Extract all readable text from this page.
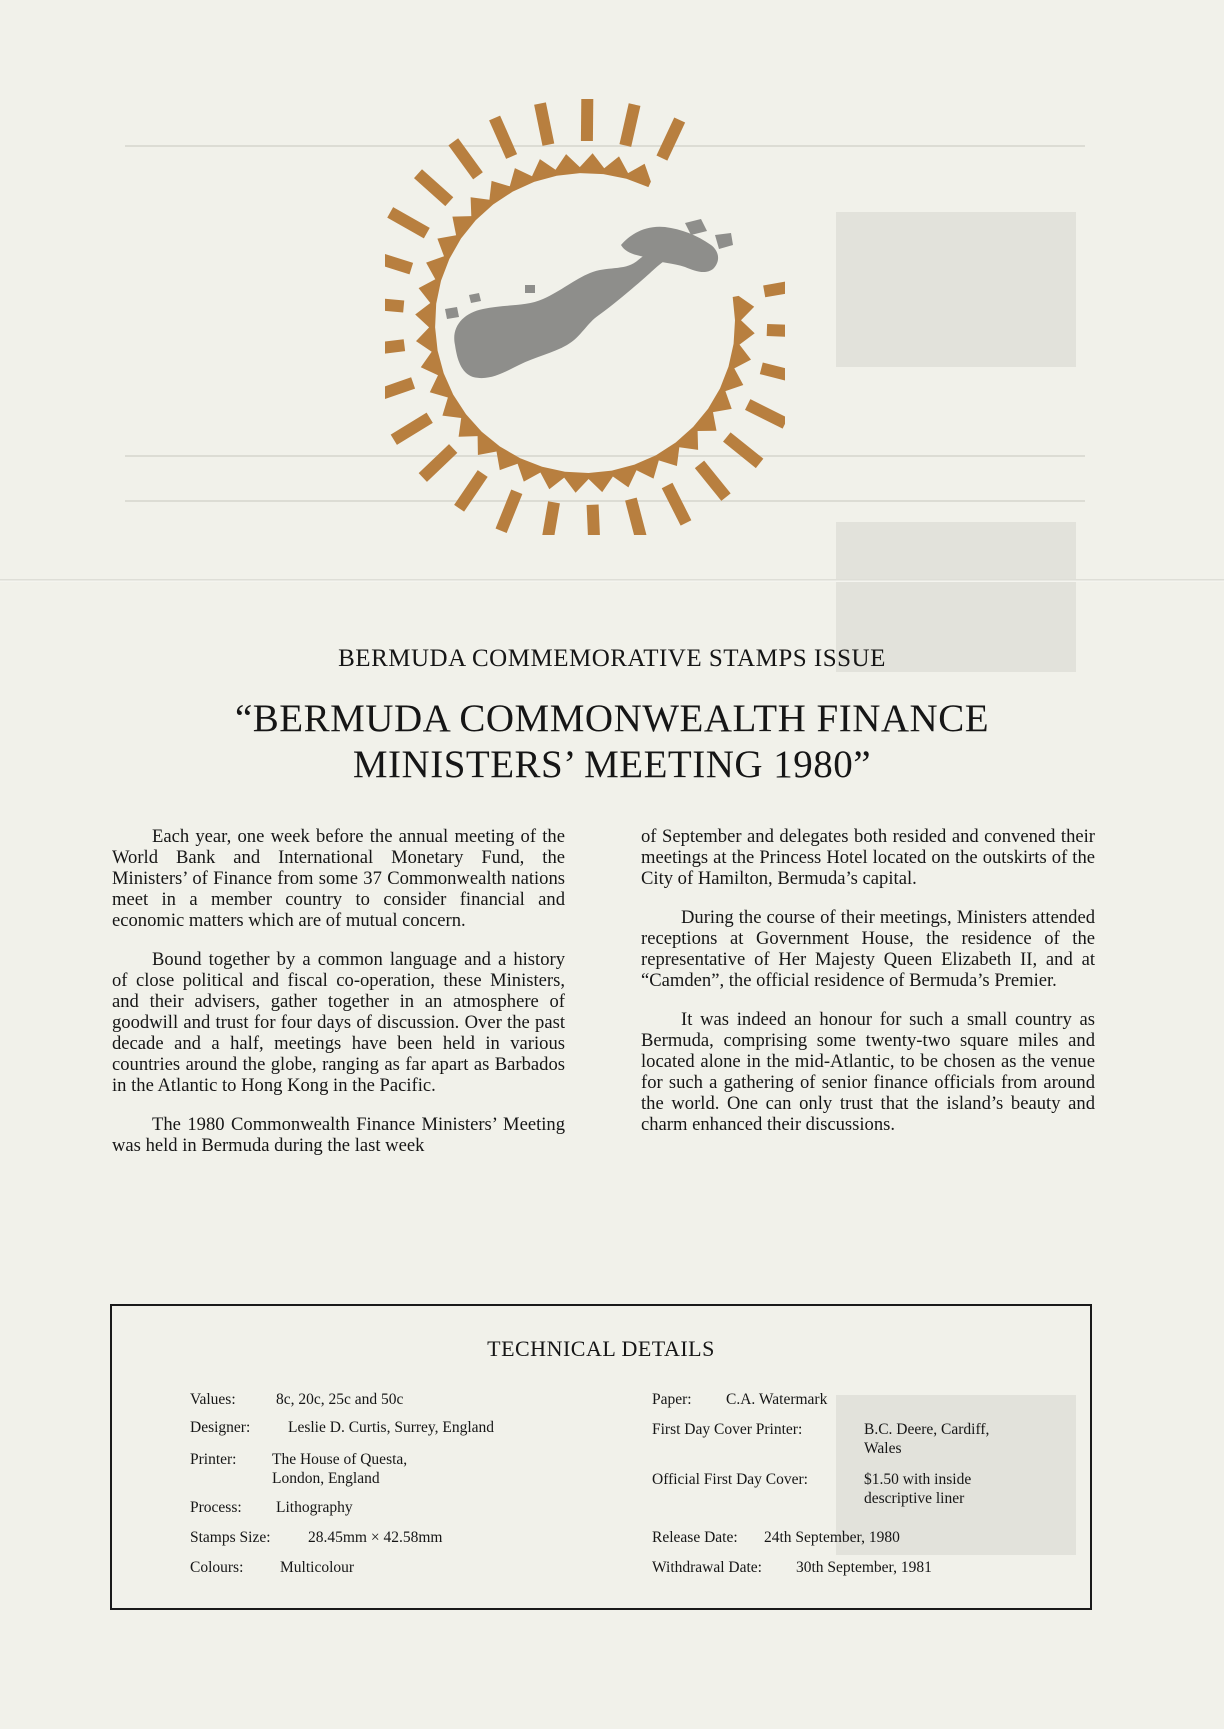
BERMUDA COMMEMORATIVE STAMPS ISSUE
“BERMUDA COMMONWEALTH FINANCE
MINISTERS’ MEETING 1980”

Each year, one week before the annual meeting of the World Bank and International Monetary Fund, the Ministers’ of Finance from some 37 Commonwealth nations meet in a member country to consider financial and economic matters which are of mutual concern.

Bound together by a common language and a history of close political and fiscal co-operation, these Ministers, and their advisers, gather together in an atmosphere of goodwill and trust for four days of discussion. Over the past decade and a half, meetings have been held in various countries around the globe, ranging as far apart as Barbados in the Atlantic to Hong Kong in the Pacific.

The 1980 Commonwealth Finance Ministers’ Meeting was held in Bermuda during the last week

of September and delegates both resided and convened their meetings at the Princess Hotel located on the outskirts of the City of Hamilton, Bermuda’s capital.

During the course of their meetings, Ministers attended receptions at Government House, the residence of the representative of Her Majesty Queen Elizabeth II, and at “Camden”, the official residence of Bermuda’s Premier.

It was indeed an honour for such a small country as Bermuda, comprising some twenty-two square miles and located alone in the mid-Atlantic, to be chosen as the venue for such a gathering of senior finance officials from around the world. One can only trust that the island’s beauty and charm enhanced their discussions.

TECHNICAL DETAILS
Values:	8c, 20c, 25c and 50c
Designer: Leslie D. Curtis, Surrey, England
Printer: The House of Questa,
London, England
Process: Lithography
Stamps Size: 28.45mm × 42.58mm
Colours: Multicolour
Paper: C.A. Watermark
First Day Cover Printer:	B.C. Deere, Cardiff,
Wales
Official First Day Cover:	$1.50 with inside
descriptive liner
Release Date: 24th September, 1980
Withdrawal Date: 30th September, 1981
